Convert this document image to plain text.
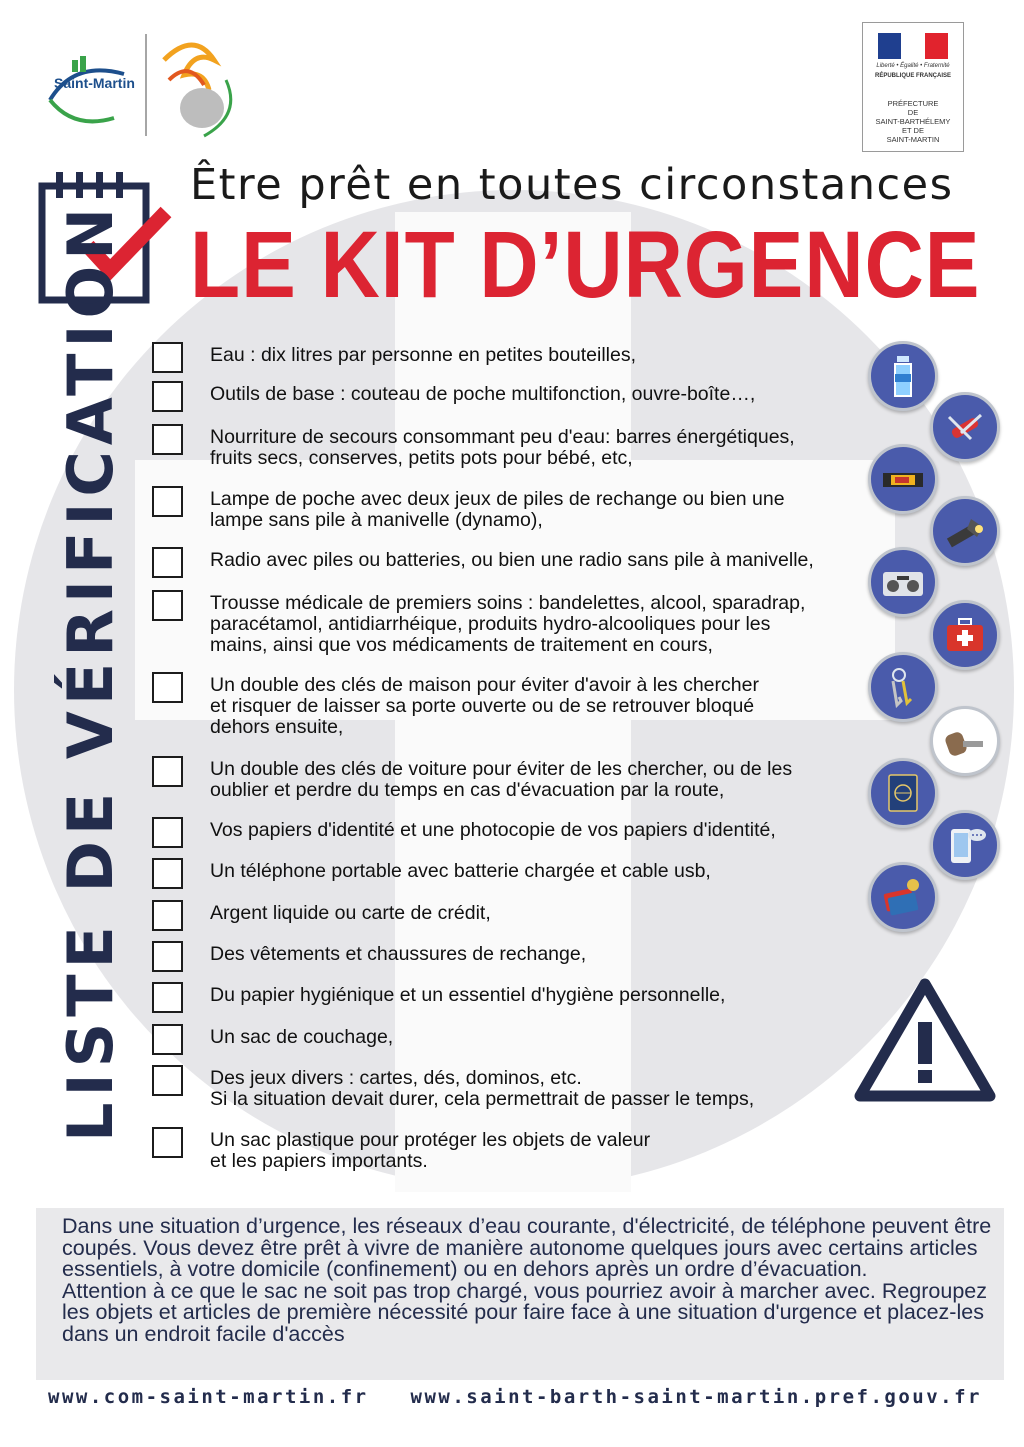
Saint-Martin
Liberté • Égalité • Fraternité
RÉPUBLIQUE FRANÇAISE
PRÉFECTURE
DE
SAINT-BARTHÉLEMY
ET DE
SAINT-MARTIN
Être prêt en toutes circonstances
LE KIT D’URGENCE
LISTE DE VÉRIFICATION	Eau : dix litres par personne en petites bouteilles,
Outils de base : couteau de poche multifonction, ouvre-boîte…,
Nourriture de secours consommant peu d'eau: barres énergétiques,
fruits secs, conserves, petits pots pour bébé, etc,
Lampe de poche avec deux jeux de piles de rechange ou bien une
lampe sans pile à manivelle (dynamo),
Radio avec piles ou batteries, ou bien une radio sans pile à manivelle,
Trousse médicale de premiers soins : bandelettes, alcool, sparadrap,
paracétamol, antidiarrhéique, produits hydro-alcooliques pour les
mains, ainsi que vos médicaments de traitement en cours,
Un double des clés de maison pour éviter d'avoir à les chercher
et risquer de laisser sa porte ouverte ou de se retrouver bloqué
dehors ensuite,
Un double des clés de voiture pour éviter de les chercher, ou de les
oublier et perdre du temps en cas d'évacuation par la route,
Vos papiers d'identité et une photocopie de vos papiers d'identité,
Un téléphone portable avec batterie chargée et cable usb,
Argent liquide ou carte de crédit,
Des vêtements et chaussures de rechange,
Du papier hygiénique et un essentiel d'hygiène personnelle,
Un sac de couchage,
Des jeux divers : cartes, dés, dominos, etc.
Si la situation devait durer, cela permettrait de passer le temps,
Un sac plastique pour protéger les objets de valeur
et les papiers importants.

Dans une situation d’urgence, les réseaux d’eau courante, d'électricité, de téléphone peuvent être coupés. Vous devez être prêt à vivre de manière autonome quelques jours avec certains articles essentiels, à votre domicile (confinement) ou en dehors après un ordre d’évacuation.

Attention à ce que le sac ne soit pas trop chargé, vous pourriez avoir à marcher avec. Regroupez les objets et articles de première nécessité pour faire face à une situation d'urgence et placez-les dans un endroit facile d'accès

www.com-saint-martin.fr www.saint-barth-saint-martin.pref.gouv.fr
